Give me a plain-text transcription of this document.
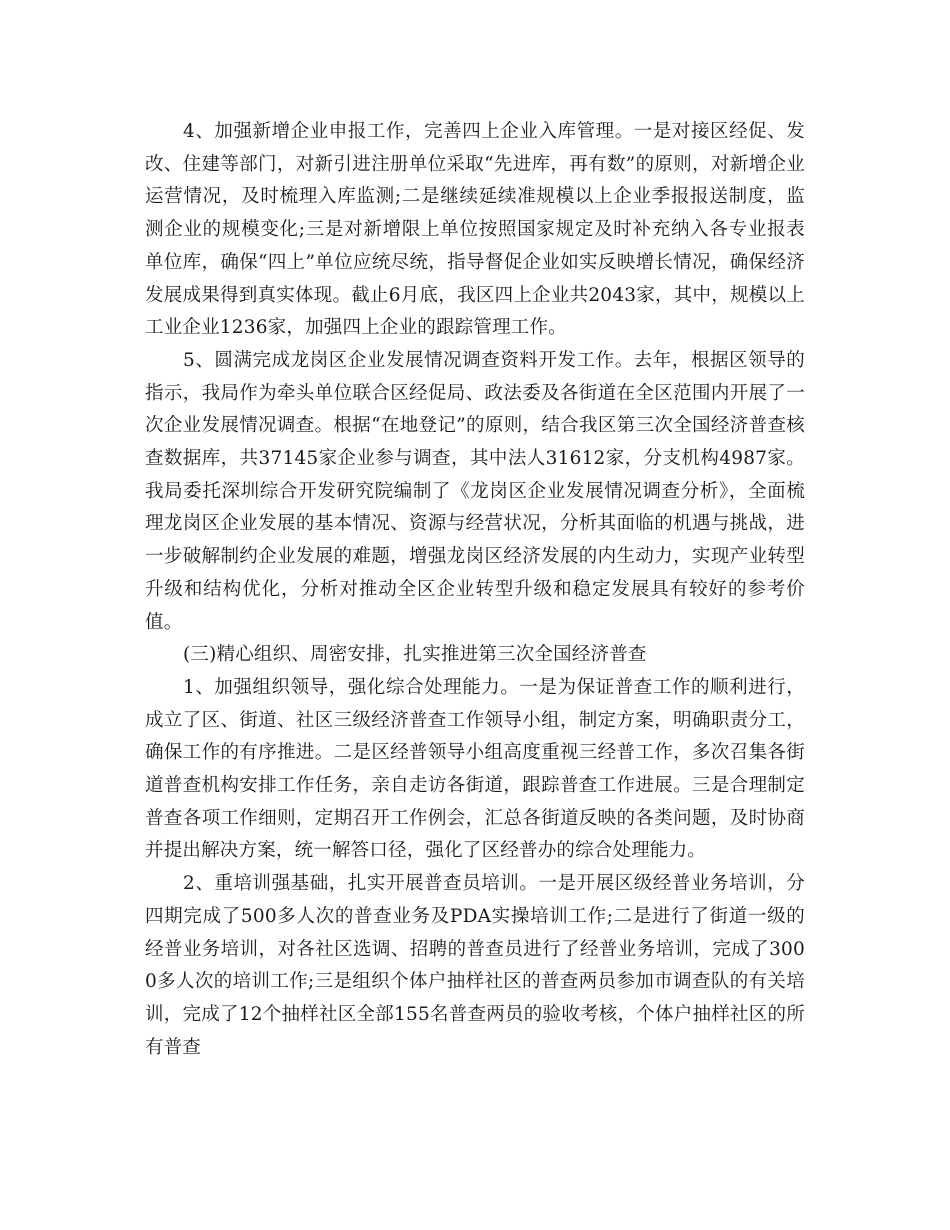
4、加强新增企业申报工作，完善四上企业入库管理。一是对接区经促、发改、住建等部门，对新引进注册单位采取“先进库，再有数”的原则，对新增企业运营情况，及时梳理入库监测;二是继续延续准规模以上企业季报报送制度，监测企业的规模变化;三是对新增限上单位按照国家规定及时补充纳入各专业报表单位库，确保“四上”单位应统尽统，指导督促企业如实反映增长情况，确保经济发展成果得到真实体现。截止6月底，我区四上企业共2043家，其中，规模以上工业企业1236家，加强四上企业的跟踪管理工作。

5、圆满完成龙岗区企业发展情况调查资料开发工作。去年，根据区领导的指示，我局作为牵头单位联合区经促局、政法委及各街道在全区范围内开展了一次企业发展情况调查。根据“在地登记”的原则，结合我区第三次全国经济普查核查数据库，共37145家企业参与调查，其中法人31612家，分支机构4987家。我局委托深圳综合开发研究院编制了《龙岗区企业发展情况调查分析》，全面梳理龙岗区企业发展的基本情况、资源与经营状况，分析其面临的机遇与挑战，进一步破解制约企业发展的难题，增强龙岗区经济发展的内生动力，实现产业转型升级和结构优化，分析对推动全区企业转型升级和稳定发展具有较好的参考价值。

(三)精心组织、周密安排，扎实推进第三次全国经济普查

1、加强组织领导，强化综合处理能力。一是为保证普查工作的顺利进行，成立了区、街道、社区三级经济普查工作领导小组，制定方案，明确职责分工，确保工作的有序推进。二是区经普领导小组高度重视三经普工作，多次召集各街道普查机构安排工作任务，亲自走访各街道，跟踪普查工作进展。三是合理制定普查各项工作细则，定期召开工作例会，汇总各街道反映的各类问题，及时协商并提出解决方案，统一解答口径，强化了区经普办的综合处理能力。

2、重培训强基础，扎实开展普查员培训。一是开展区级经普业务培训，分四期完成了500多人次的普查业务及PDA实操培训工作;二是进行了街道一级的经普业务培训，对各社区选调、招聘的普查员进行了经普业务培训，完成了3000多人次的培训工作;三是组织个体户抽样社区的普查两员参加市调查队的有关培训，完成了12个抽样社区全部155名普查两员的验收考核，个体户抽样社区的所有普查
